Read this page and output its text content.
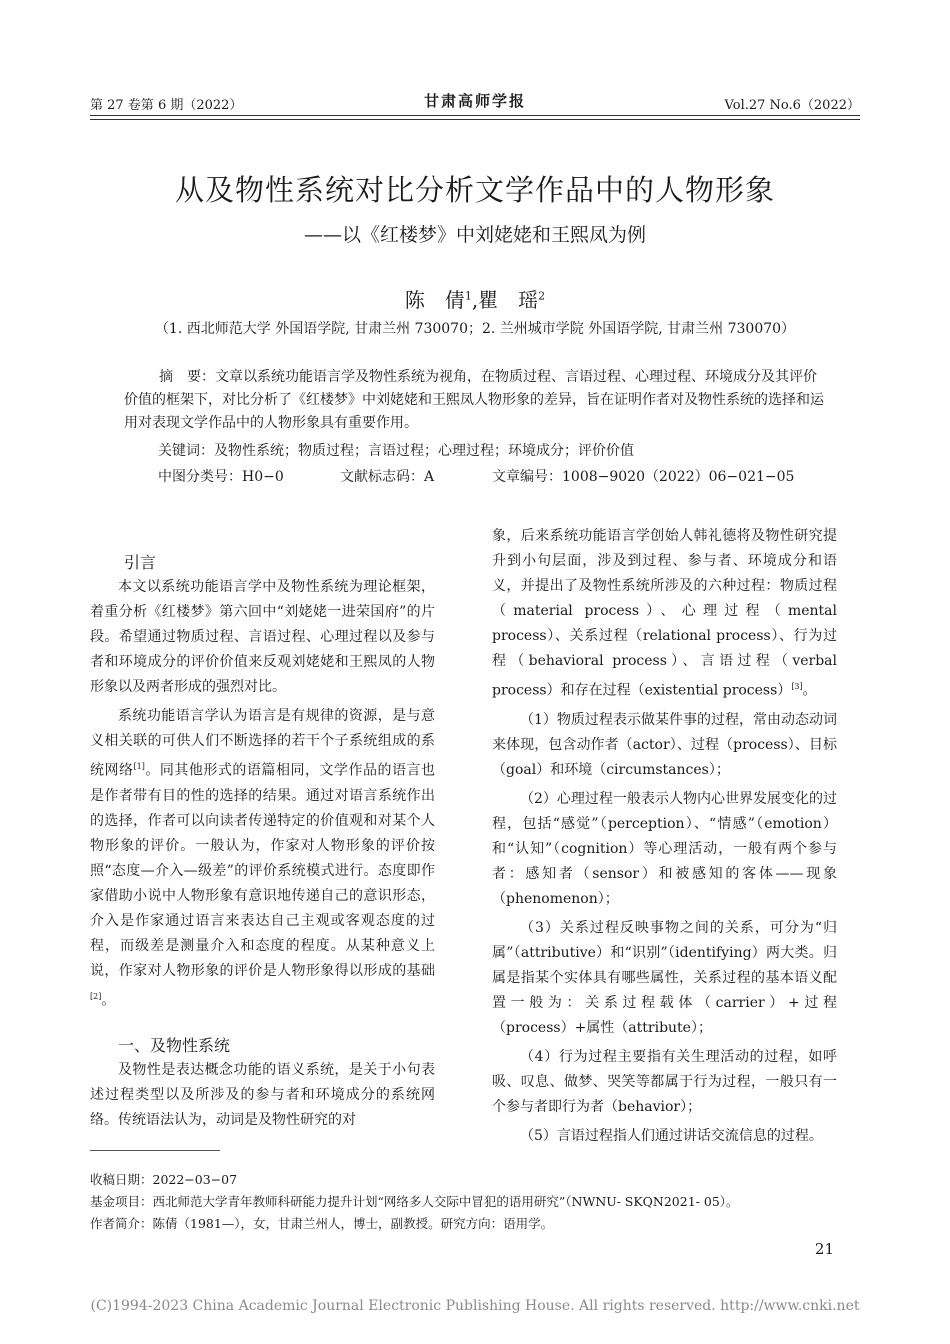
第 27 卷第 6 期（2022）	甘肃高师学报	Vol.27 No.6（2022）
从及物性系统对比分析文学作品中的人物形象
——以《红楼梦》中刘姥姥和王熙凤为例
陈　倩$^1$,瞿　瑶$^2$
（1. 西北师范大学 外国语学院, 甘肃兰州 730070；2. 兰州城市学院 外国语学院, 甘肃兰州 730070）
摘　要：文章以系统功能语言学及物性系统为视角，在物质过程、言语过程、心理过程、环境成分及其评价价值的框架下，对比分析了《红楼梦》中刘姥姥和王熙凤人物形象的差异，旨在证明作者对及物性系统的选择和运用对表现文学作品中的人物形象具有重要作用。
关键词：及物性系统；物质过程；言语过程；心理过程；环境成分；评价价值
中图分类号：H0−0	文献标志码：A	文章编号：1008−9020（2022）06−021−05
引言

本文以系统功能语言学中及物性系统为理论框架，着重分析《红楼梦》第六回中“刘姥姥一进荣国府”的片段。希望通过物质过程、言语过程、心理过程以及参与者和环境成分的评价价值来反观刘姥姥和王熙凤的人物形象以及两者形成的强烈对比。

系统功能语言学认为语言是有规律的资源，是与意义相关联的可供人们不断选择的若干个子系统组成的系统网络[1]。同其他形式的语篇相同，文学作品的语言也是作者带有目的性的选择的结果。通过对语言系统作出的选择，作者可以向读者传递特定的价值观和对某个人物形象的评价。一般认为，作家对人物形象的评价按照“态度—介入—级差”的评价系统模式进行。态度即作家借助小说中人物形象有意识地传递自己的意识形态，介入是作家通过语言来表达自己主观或客观态度的过程，而级差是测量介入和态度的程度。从某种意义上说，作家对人物形象的评价是人物形象得以形成的基础[2]。

一、及物性系统

及物性是表达概念功能的语义系统，是关于小句表述过程类型以及所涉及的参与者和环境成分的系统网络。传统语法认为，动词是及物性研究的对

象，后来系统功能语言学创始人韩礼德将及物性研究提升到小句层面，涉及到过程、参与者、环境成分和语义，并提出了及物性系统所涉及的六种过程：物质过程（material process）、心理过程（mental process）、关系过程（relational process）、行为过程（behavioral process）、言语过程（verbal process）和存在过程（existential process）[3]。

（1）物质过程表示做某件事的过程，常由动态动词来体现，包含动作者（actor）、过程（process）、目标（goal）和环境（circumstances）；

（2）心理过程一般表示人物内心世界发展变化的过程，包括“感觉”（perception）、“情感”（emotion）和“认知”（cognition）等心理活动，一般有两个参与者：感知者（sensor）和被感知的客体——现象（phenomenon）；

（3）关系过程反映事物之间的关系，可分为“归属”（attributive）和“识别”（identifying）两大类。归属是指某个实体具有哪些属性，关系过程的基本语义配置一般为：关系过程载体（carrier）+过程（process）+属性（attribute）；

（4）行为过程主要指有关生理活动的过程，如呼吸、叹息、做梦、哭笑等都属于行为过程，一般只有一个参与者即行为者（behavior）；

（5）言语过程指人们通过讲话交流信息的过程。

收稿日期：2022−03−07
基金项目：西北师范大学青年教师科研能力提升计划“网络多人交际中冒犯的语用研究”（NWNU- SKQN2021- 05）。
作者简介：陈倩（1981—），女，甘肃兰州人，博士，副教授。研究方向：语用学。
21
(C)1994-2023 China Academic Journal Electronic Publishing House. All rights reserved. http://www.cnki.net
